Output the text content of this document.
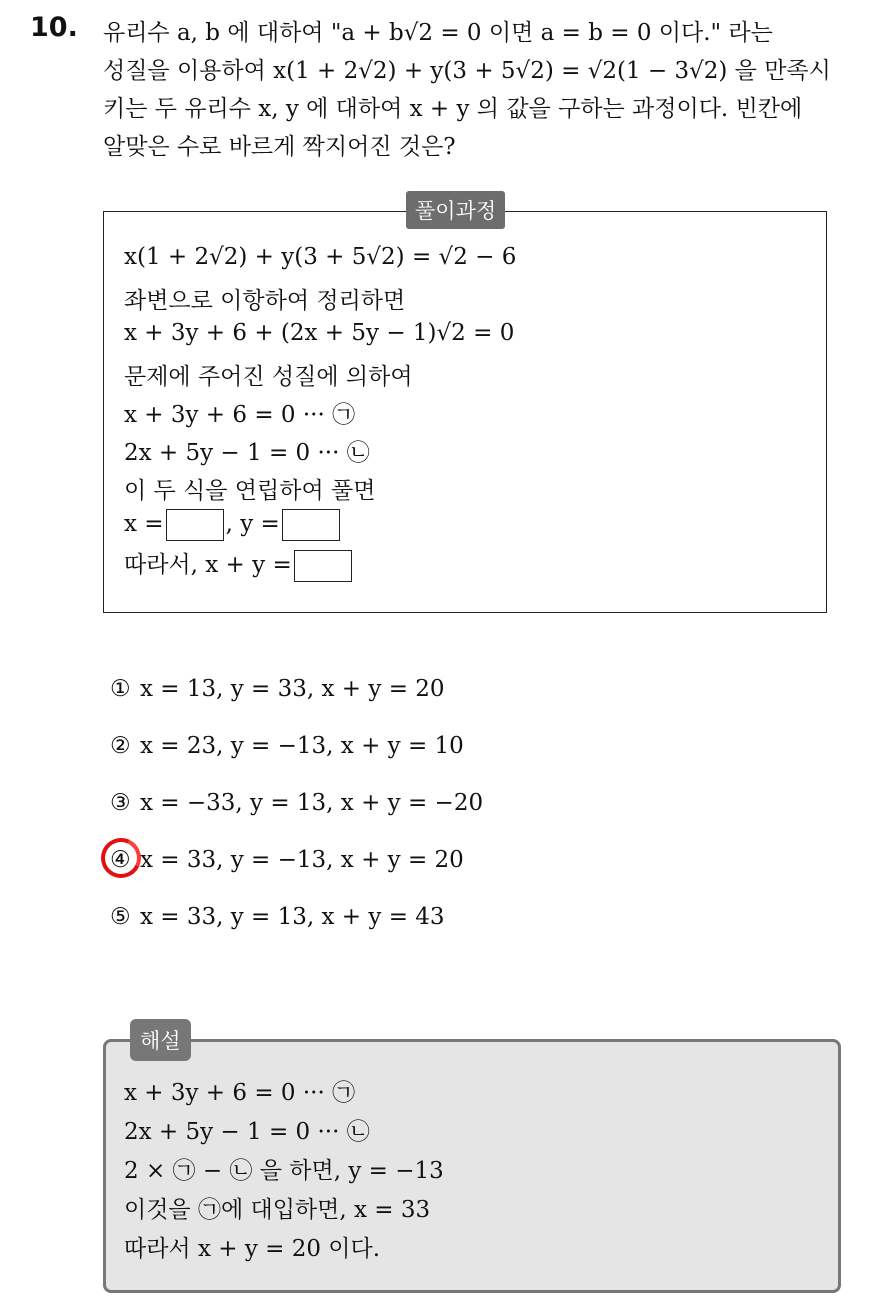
10. 유리수 a, b 에 대하여 "a + b√2 = 0 이면 a = b = 0 이다." 라는
성질을 이용하여 x(1 + 2√2) + y(3 + 5√2) = √2(1 − 3√2) 을 만족시
키는 두 유리수 x, y 에 대하여 x + y 의 값을 구하는 과정이다. 빈칸에
알맞은 수로 바르게 짝지어진 것은?
풀이과정
x(1 + 2√2) + y(3 + 5√2) = √2 − 6
좌변으로 이항하여 정리하면
x + 3y + 6 + (2x + 5y − 1)√2 = 0
문제에 주어진 성질에 의하여
x + 3y + 6 = 0 ··· ㉠
2x + 5y − 1 = 0 ··· ㉡
이 두 식을 연립하여 풀면
x =	, y =
따라서, x + y =
① x = 13, y = 33, x + y = 20
② x = 23, y = −13, x + y = 10
③ x = −33, y = 13, x + y = −20
④ x = 33, y = −13, x + y = 20
⑤ x = 33, y = 13, x + y = 43
해설
x + 3y + 6 = 0 ··· ㉠
2x + 5y − 1 = 0 ··· ㉡
2 × ㉠ − ㉡ 을 하면, y = −13
이것을 ㉠에 대입하면, x = 33
따라서 x + y = 20 이다.
